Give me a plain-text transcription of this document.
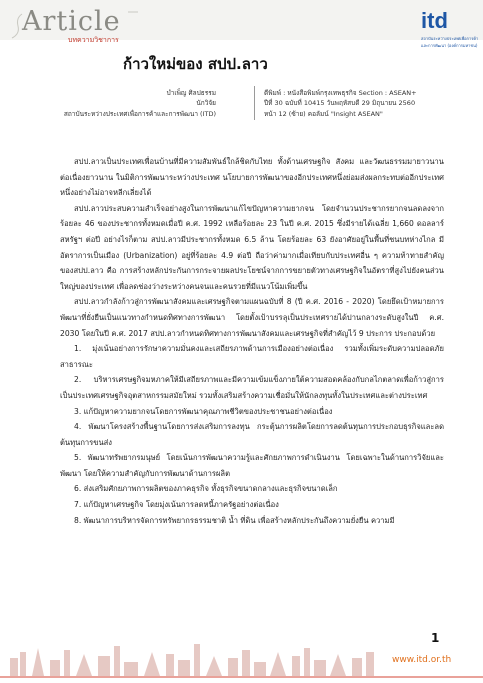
Article
บทความวิชาการ
itd
สถาบันระหว่างประเทศเพื่อการค้าและการพัฒนา (องค์การมหาชน)
ก้าวใหม่ของ สปป.ลาว
บำเพ็ญ ศิลปธรรม
นักวิจัย
สถาบันระหว่างประเทศเพื่อการค้าและการพัฒนา (ITD)
ตีพิมพ์ : หนังสือพิมพ์กรุงเทพธุรกิจ Section : ASEAN+
ปีที่ 30 ฉบับที่ 10415 วันพฤหัสบดี 29 มิถุนายน 2560
หน้า 12 (ซ้าย) คอลัมน์ "Insight ASEAN"

สปป.ลาวเป็นประเทศเพื่อนบ้านที่มีความสัมพันธ์ใกล้ชิดกับไทย ทั้งด้านเศรษฐกิจ สังคม และวัฒนธรรมมายาวนานต่อเนื่องยาวนาน ในมิติการพัฒนาระหว่างประเทศ นโยบายการพัฒนาของอีกประเทศหนึ่งย่อมส่งผลกระทบต่ออีกประเทศหนึ่งอย่างไม่อาจหลีกเลี่ยงได้

สปป.ลาวประสบความสำเร็จอย่างสูงในการพัฒนาแก้ไขปัญหาความยากจน โดยจำนวนประชากรยากจนลดลงจากร้อยละ 46 ของประชากรทั้งหมดเมื่อปี ค.ศ. 1992 เหลือร้อยละ 23 ในปี ค.ศ. 2015 ซึ่งมีรายได้เฉลี่ย 1,660 ดอลลาร์สหรัฐฯ ต่อปี อย่างไรก็ตาม สปป.ลาวมีประชากรทั้งหมด 6.5 ล้าน โดยร้อยละ 63 ยังอาศัยอยู่ในพื้นที่ชนบทห่างไกล มีอัตราการเป็นเมือง (Urbanization) อยู่ที่ร้อยละ 4.9 ต่อปี ถือว่าค่ามากเมื่อเทียบกับประเทศอื่น ๆ ความท้าทายสำคัญของสปป.ลาว คือ การสร้างหลักประกันการกระจายผลประโยชน์จากการขยายตัวทางเศรษฐกิจในอัตราที่สูงไปยังคนส่วนใหญ่ของประเทศ เพื่อลดช่องว่างระหว่างคนจนและคนรวยที่มีแนวโน้มเพิ่มขึ้น

สปป.ลาวกำลังก้าวสู่การพัฒนาสังคมและเศรษฐกิจตามแผนฉบับที่ 8 (ปี ค.ศ. 2016 - 2020) โดยยึดเป้าหมายการพัฒนาที่ยั่งยืนเป็นแนวทางกำหนดทิศทางการพัฒนา โดยตั้งเป้าบรรลุเป็นประเทศรายได้ปานกลางระดับสูงในปี ค.ศ. 2030 โดยในปี ค.ศ. 2017 สปป.ลาวกำหนดทิศทางการพัฒนาสังคมและเศรษฐกิจที่สำคัญไว้ 9 ประการ ประกอบด้วย

1. มุ่งเน้นอย่างการรักษาความมั่นคงและเสถียรภาพด้านการเมืองอย่างต่อเนื่อง รวมทั้งเพิ่มระดับความปลอดภัยสาธารณะ

2. บริหารเศรษฐกิจมหภาคให้มีเสถียรภาพและมีความเข้มแข็งภายใต้ความสอดคล้องกับกลไกตลาดเพื่อก้าวสู่การเป็นประเทศเศรษฐกิจอุตสาหกรรมสมัยใหม่ รวมทั้งเสริมสร้างความเชื่อมั่นให้นักลงทุนทั้งในประเทศและต่างประเทศ

3. แก้ปัญหาความยากจนโดยการพัฒนาคุณภาพชีวิตของประชาชนอย่างต่อเนื่อง

4. พัฒนาโครงสร้างพื้นฐานโดยการส่งเสริมการลงทุน กระตุ้นการผลิตโดยการลดต้นทุนการประกอบธุรกิจและลดต้นทุนการขนส่ง

5. พัฒนาทรัพยากรมนุษย์ โดยเน้นการพัฒนาความรู้และศักยภาพการดำเนินงาน โดยเฉพาะในด้านการวิจัยและพัฒนา โดยให้ความสำคัญกับการพัฒนาด้านการผลิต

6. ส่งเสริมศักยภาพการผลิตของภาคธุรกิจ ทั้งธุรกิจขนาดกลางและธุรกิจขนาดเล็ก

7. แก้ปัญหาเศรษฐกิจ โดยมุ่งเน้นการลดหนี้ภาครัฐอย่างต่อเนื่อง

8. พัฒนาการบริหารจัดการทรัพยากรธรรมชาติ น้ำ ที่ดิน เพื่อสร้างหลักประกันถึงความยั่งยืน ความมี

1
www.itd.or.th
